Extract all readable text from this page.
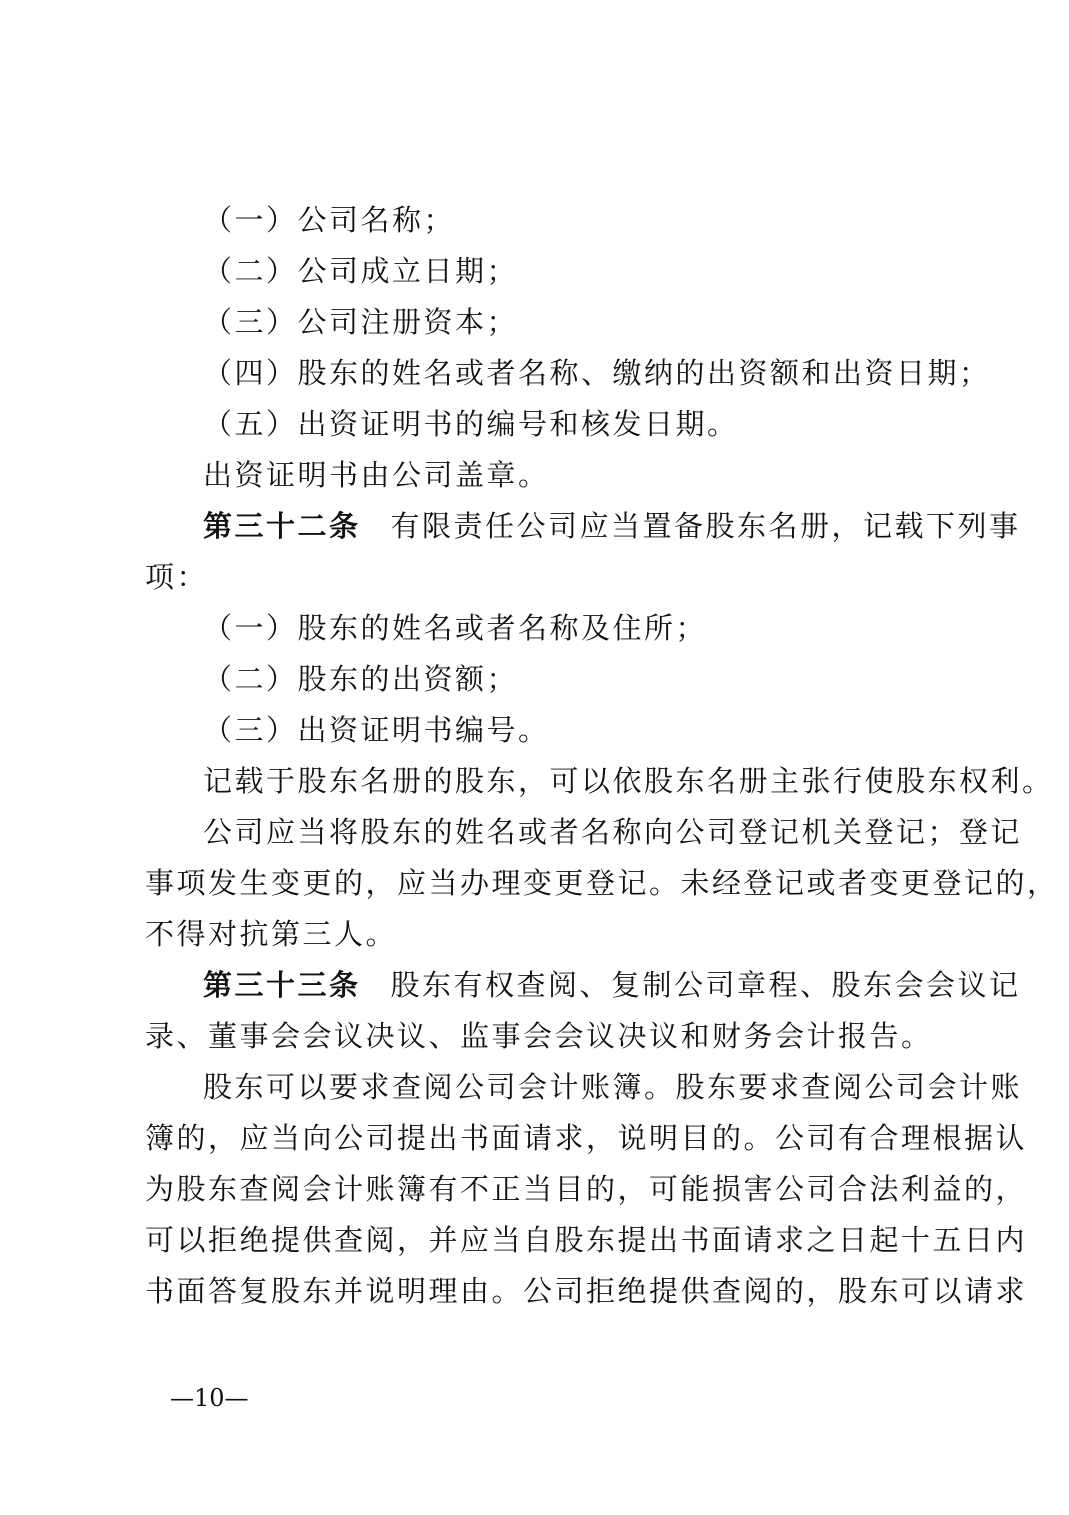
（一）公司名称；
（二）公司成立日期；
（三）公司注册资本；
（四）股东的姓名或者名称、缴纳的出资额和出资日期；
（五）出资证明书的编号和核发日期。
出资证明书由公司盖章。
第三十二条 有限责任公司应当置备股东名册，记载下列事
项：
（一）股东的姓名或者名称及住所；
（二）股东的出资额；
（三）出资证明书编号。
记载于股东名册的股东，可以依股东名册主张行使股东权利。
公司应当将股东的姓名或者名称向公司登记机关登记；登记
事项发生变更的，应当办理变更登记。未经登记或者变更登记的，
不得对抗第三人。
第三十三条 股东有权查阅、复制公司章程、股东会会议记
录、董事会会议决议、监事会会议决议和财务会计报告。
股东可以要求查阅公司会计账簿。股东要求查阅公司会计账
簿的，应当向公司提出书面请求，说明目的。公司有合理根据认
为股东查阅会计账簿有不正当目的，可能损害公司合法利益的，
可以拒绝提供查阅，并应当自股东提出书面请求之日起十五日内
书面答复股东并说明理由。公司拒绝提供查阅的，股东可以请求
—10—
